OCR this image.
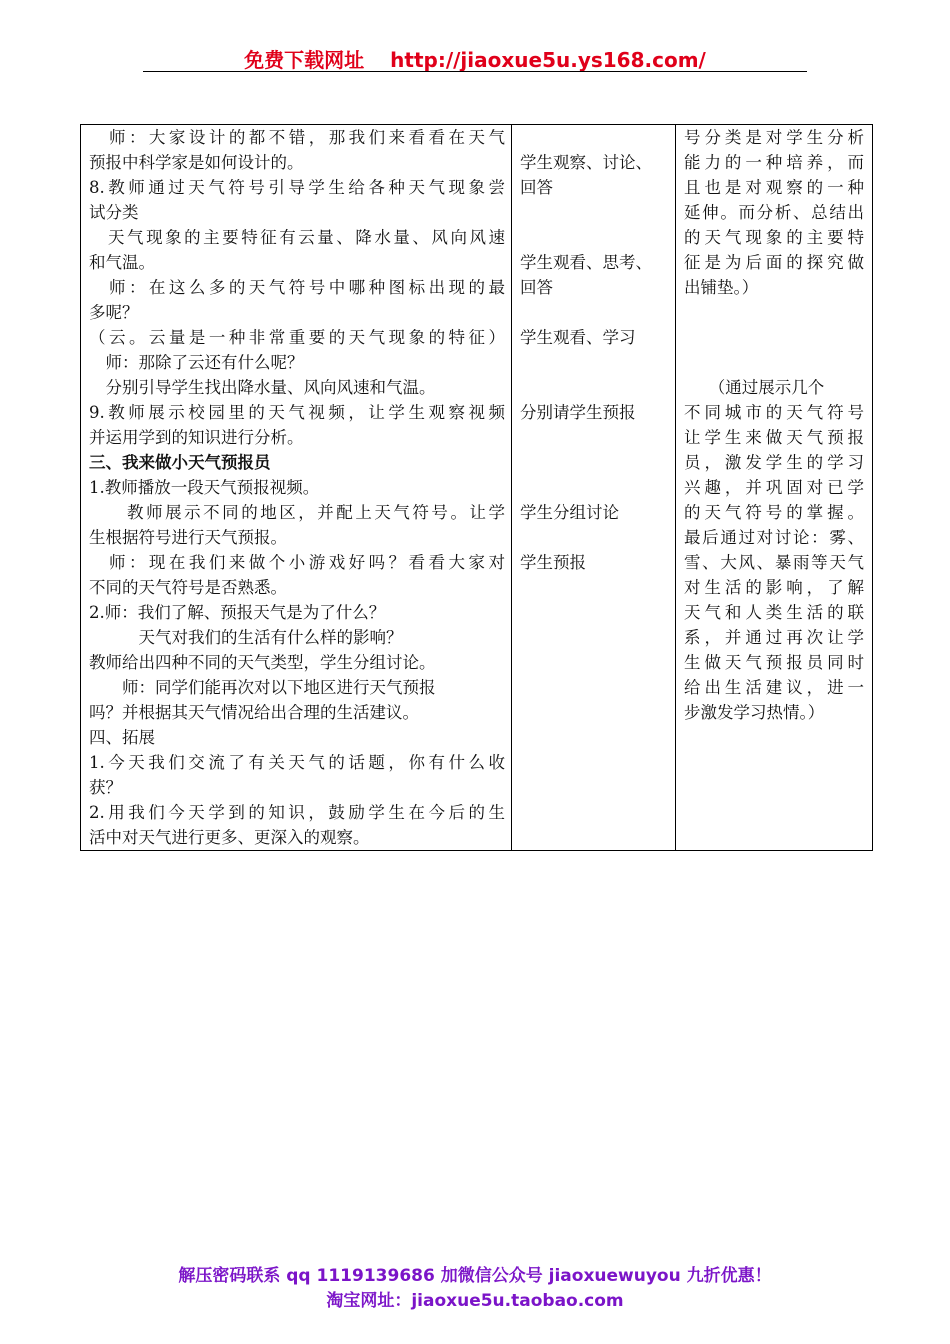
免费下载网址 http://jiaoxue5u.ys168.com/
　师：大家设计的都不错，那我们来看看在天气
预报中科学家是如何设计的。
8.教师通过天气符号引导学生给各种天气现象尝
试分类
　天气现象的主要特征有云量、降水量、风向风速
和气温。
　师：在这么多的天气符号中哪种图标出现的最
多呢？
（云。云量是一种非常重要的天气现象的特征）
　师：那除了云还有什么呢？
　分别引导学生找出降水量、风向风速和气温。
9.教师展示校园里的天气视频，让学生观察视频
并运用学到的知识进行分析。
三、我来做小天气预报员
1.教师播放一段天气预报视频。
　　教师展示不同的地区，并配上天气符号。让学
生根据符号进行天气预报。
　师：现在我们来做个小游戏好吗？看看大家对
不同的天气符号是否熟悉。
2.师：我们了解、预报天气是为了什么？
　　　天气对我们的生活有什么样的影响？
教师给出四种不同的天气类型，学生分组讨论。
　　师：同学们能再次对以下地区进行天气预报
吗？并根据其天气情况给出合理的生活建议。
四、拓展
1.今天我们交流了有关天气的话题，你有什么收
获？
2.用我们今天学到的知识，鼓励学生在今后的生
活中对天气进行更多、更深入的观察。

学生观察、讨论、
回答
学生观看、思考、
回答
学生观看、学习
分别请学生预报
学生分组讨论
学生预报

号分类是对学生分析
能力的一种培养，而
且也是对观察的一种
延伸。而分析、总结出
的天气现象的主要特
征是为后面的探究做
出铺垫。）
　　（通过展示几个
不同城市的天气符号
让学生来做天气预报
员，激发学生的学习
兴趣，并巩固对已学
的天气符号的掌握。
最后通过对讨论：雾、
雪、大风、暴雨等天气
对生活的影响，了解
天气和人类生活的联
系，并通过再次让学
生做天气预报员同时
给出生活建议，进一
步激发学习热情。）
解压密码联系 qq 1119139686 加微信公众号 jiaoxuewuyou 九折优惠！
淘宝网址：jiaoxue5u.taobao.com
